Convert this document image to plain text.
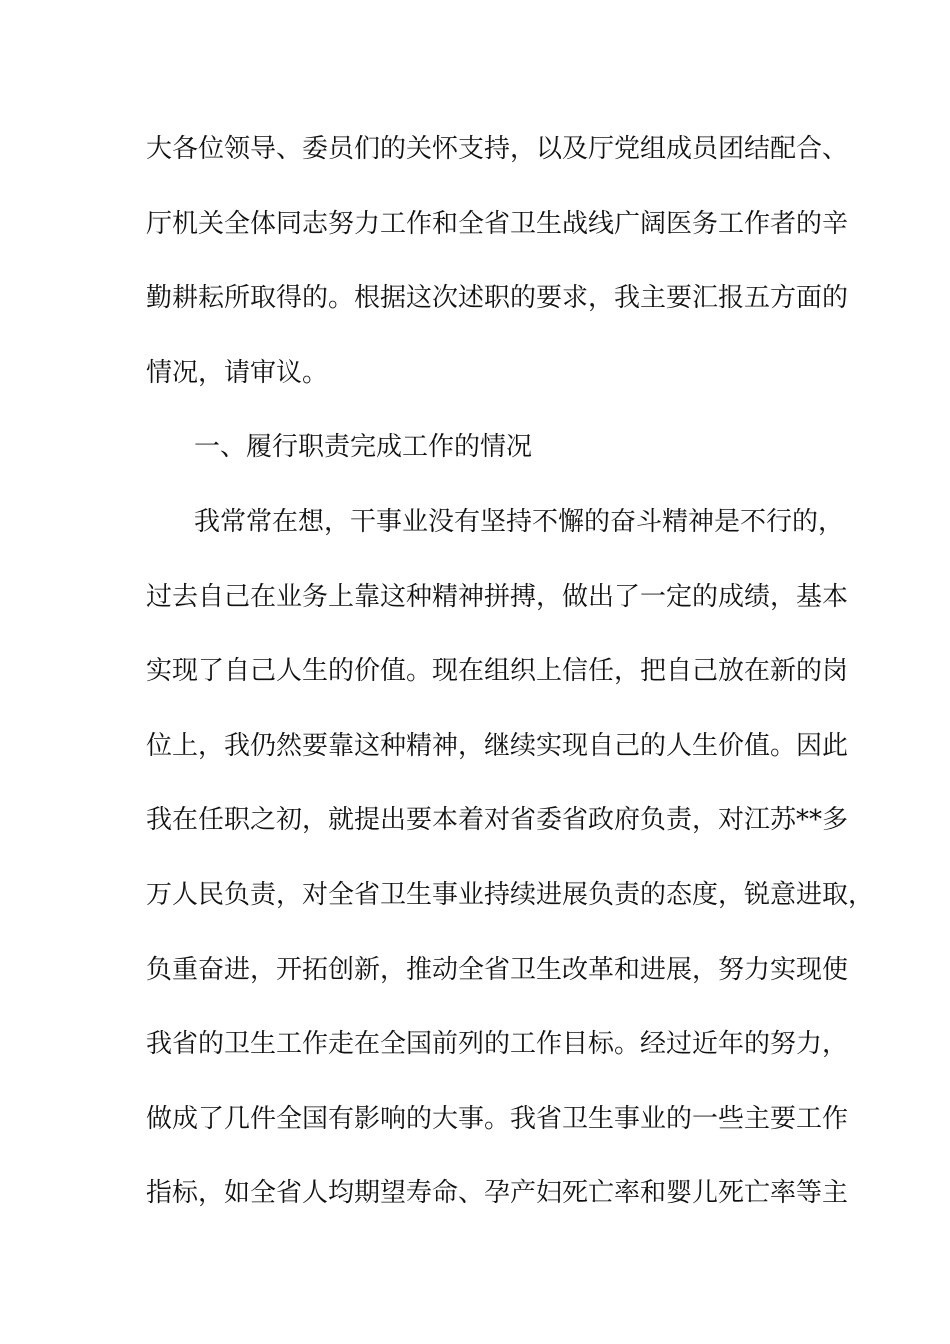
大各位领导、委员们的关怀支持，以及厅党组成员团结配合、
厅机关全体同志努力工作和全省卫生战线广阔医务工作者的辛
勤耕耘所取得的。根据这次述职的要求，我主要汇报五方面的
情况，请审议。
一、履行职责完成工作的情况
我常常在想，干事业没有坚持不懈的奋斗精神是不行的，
过去自己在业务上靠这种精神拼搏，做出了一定的成绩，基本
实现了自己人生的价值。现在组织上信任，把自己放在新的岗
位上，我仍然要靠这种精神，继续实现自己的人生价值。因此
我在任职之初，就提出要本着对省委省政府负责，对江苏**多
万人民负责，对全省卫生事业持续进展负责的态度，锐意进取，
负重奋进，开拓创新，推动全省卫生改革和进展，努力实现使
我省的卫生工作走在全国前列的工作目标。经过近年的努力，
做成了几件全国有影响的大事。我省卫生事业的一些主要工作
指标，如全省人均期望寿命、孕产妇死亡率和婴儿死亡率等主
